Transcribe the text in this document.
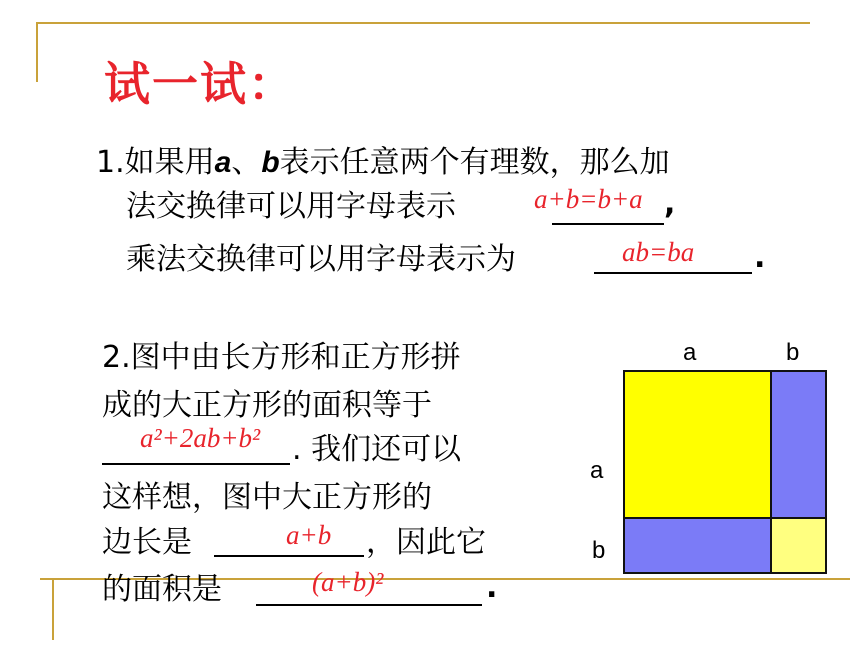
试一试：
1.如果用a、b表示任意两个有理数，那么加
法交换律可以用字母表示	a+b=b+a ,
乘法交换律可以用字母表示为	ab=ba .
2.图中由长方形和正方形拼
成的大正方形的面积等于
a²+2ab+b² . 我们还可以
这样想，图中大正方形的
边长是	a+b ，因此它
的面积是	(a+b)²	.
a	b
a
b
